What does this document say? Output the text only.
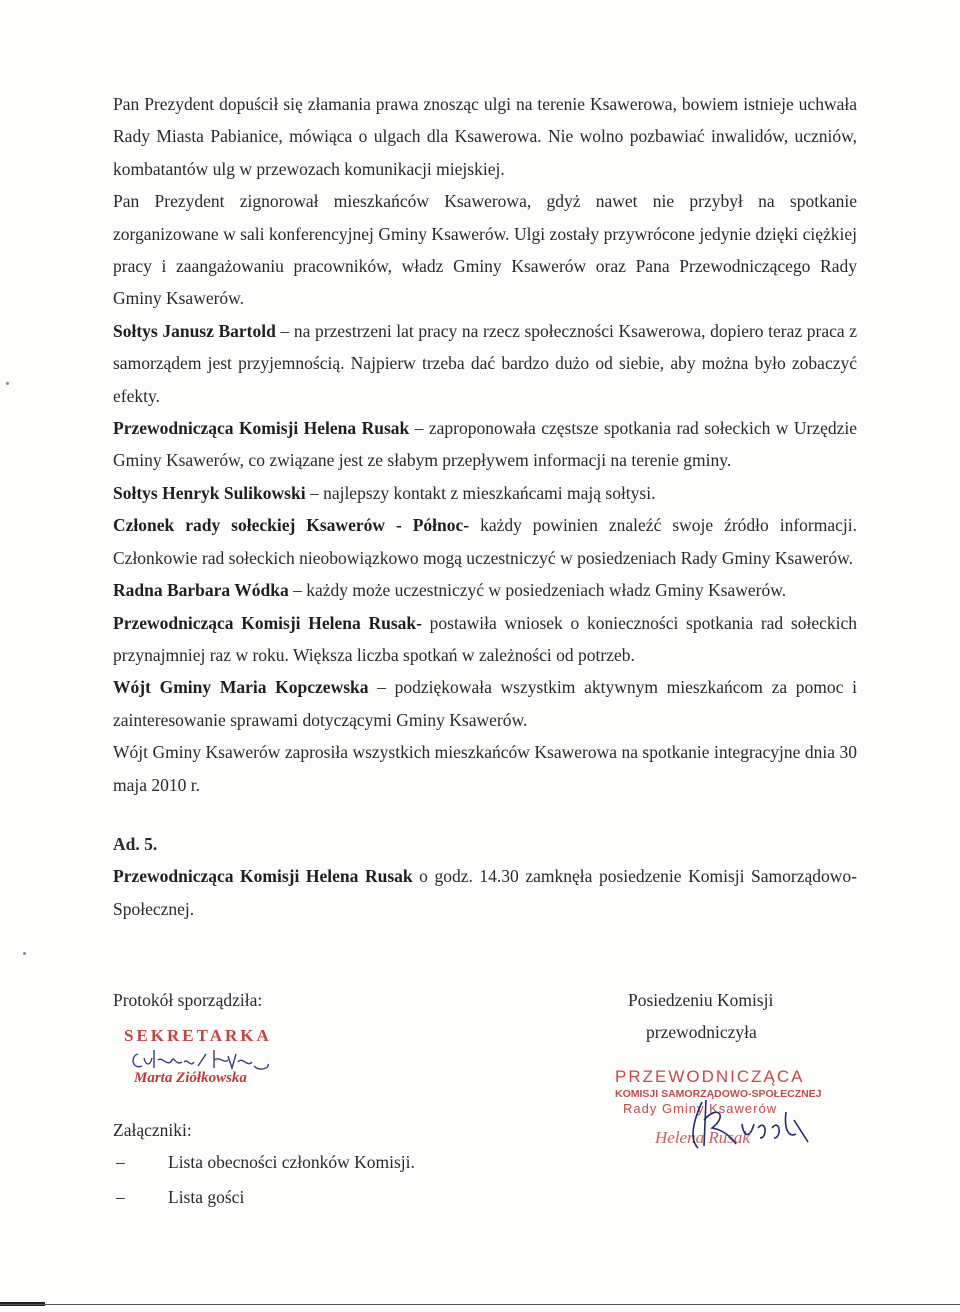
Pan Prezydent dopuścił się złamania prawa znosząc ulgi na terenie Ksawerowa, bowiem istnieje uchwała Rady Miasta Pabianice, mówiąca o ulgach dla Ksawerowa. Nie wolno pozbawiać inwalidów, uczniów, kombatantów ulg w przewozach komunikacji miejskiej.

Pan Prezydent zignorował mieszkańców Ksawerowa, gdyż nawet nie przybył na spotkanie zorganizowane w sali konferencyjnej Gminy Ksawerów. Ulgi zostały przywrócone jedynie dzięki ciężkiej pracy i zaangażowaniu pracowników, władz Gminy Ksawerów oraz Pana Przewodniczącego Rady Gminy Ksawerów.

Sołtys Janusz Bartold – na przestrzeni lat pracy na rzecz społeczności Ksawerowa, dopiero teraz praca z samorządem jest przyjemnością. Najpierw trzeba dać bardzo dużo od siebie, aby można było zobaczyć efekty.

Przewodnicząca Komisji Helena Rusak – zaproponowała częstsze spotkania rad sołeckich w Urzędzie Gminy Ksawerów, co związane jest ze słabym przepływem informacji na terenie gminy.

Sołtys Henryk Sulikowski – najlepszy kontakt z mieszkańcami mają sołtysi.

Członek rady sołeckiej Ksawerów - Północ- każdy powinien znaleźć swoje źródło informacji. Członkowie rad sołeckich nieobowiązkowo mogą uczestniczyć w posiedzeniach Rady Gminy Ksawerów.

Radna Barbara Wódka – każdy może uczestniczyć w posiedzeniach władz Gminy Ksawerów.

Przewodnicząca Komisji Helena Rusak- postawiła wniosek o konieczności spotkania rad sołeckich przynajmniej raz w roku. Większa liczba spotkań w zależności od potrzeb.

Wójt Gminy Maria Kopczewska – podziękowała wszystkim aktywnym mieszkańcom za pomoc i zainteresowanie sprawami dotyczącymi Gminy Ksawerów.

Wójt Gminy Ksawerów zaprosiła wszystkich mieszkańców Ksawerowa na spotkanie integracyjne dnia 30 maja 2010 r.

Ad. 5.

Przewodnicząca Komisji Helena Rusak o godz. 14.30 zamknęła posiedzenie Komisji Samorządowo- Społecznej.

Protokół sporządziła:	Posiedzeniu Komisji
przewodniczyła
SEKRETARKA
Marta Ziółkowska	PRZEWODNICZĄCA
KOMISJI SAMORZĄDOWO-SPOŁECZNEJ
Rady Gminy Ksawerów
Helena Rusak
Załączniki:
– Lista obecności członków Komisji.
– Lista gości
